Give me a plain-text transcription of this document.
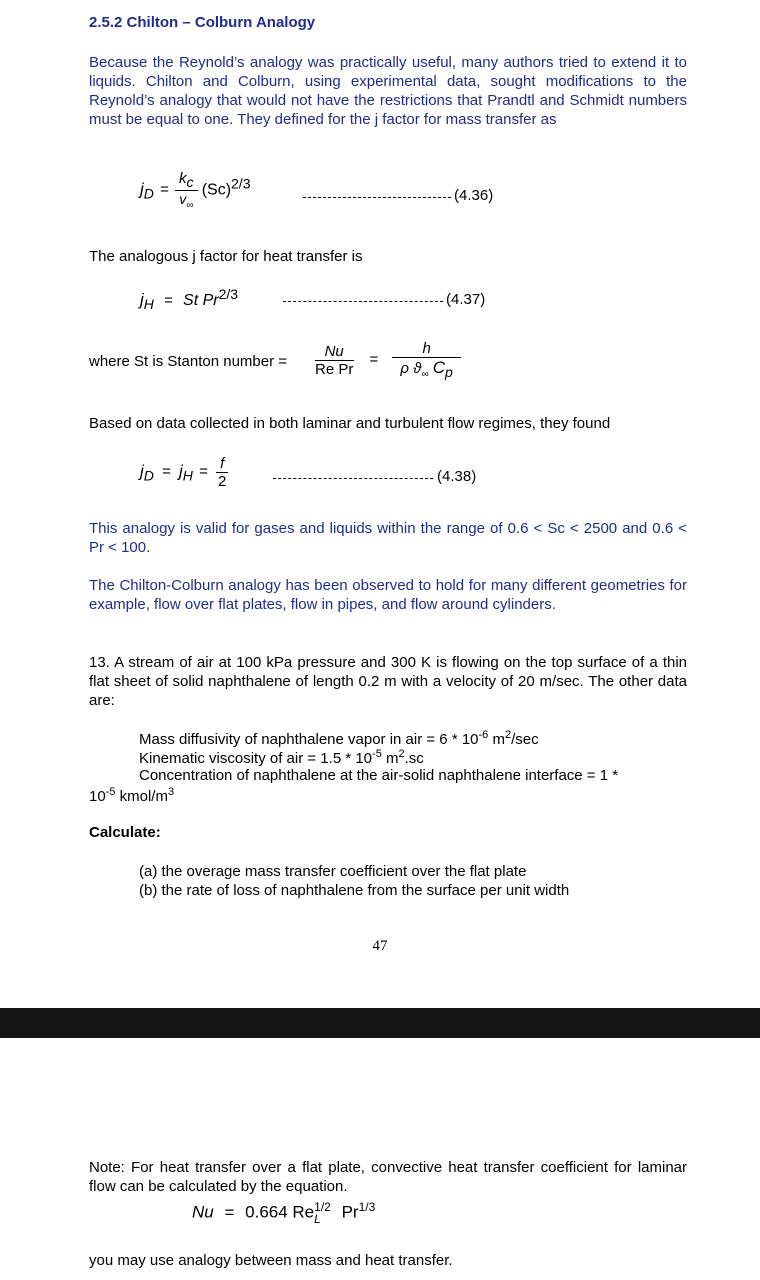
2.5.2 Chilton – Colburn Analogy
Because the Reynold’s analogy was practically useful, many authors tried to extend it to liquids. Chilton and Colburn, using experimental data, sought modifications to the Reynold’s analogy that would not have the restrictions that Prandtl and Schmidt numbers must be equal to one. They defined for the j factor for mass transfer as
$j_D = \frac{k_c}{v_\infty} (Sc)^{2/3}$
(4.36)
The analogous j factor for heat transfer is
$j_H = St$ $Pr^{2/3}$	(4.37)
where St is Stanton number = $\frac{Nu}{\text{Re Pr}} = \frac{h}{\rho ϑ_\infty C_p}$
Based on data collected in both laminar and turbulent flow regimes, they found
$j_D = j_H = \frac{f}{2}$	(4.38)
This analogy is valid for gases and liquids within the range of 0.6 < Sc < 2500 and 0.6 < Pr < 100.
The Chilton-Colburn analogy has been observed to hold for many different geometries for example, flow over flat plates, flow in pipes, and flow around cylinders.
13. A stream of air at 100 kPa pressure and 300 K is flowing on the top surface of a thin flat sheet of solid naphthalene of length 0.2 m with a velocity of 20 m/sec. The other data are:
Mass diffusivity of naphthalene vapor in air = $6 * 10^{-6}$ $m^2/\sec$
Kinematic viscosity of air = $1.5 * 10^{-5}$ $m^2.sc$
Concentration of naphthalene at the air-solid naphthalene interface = 1 *
$10^{-5}$ kmol/$m^3$
Calculate:
(a) the overage mass transfer coefficient over the flat plate
(b) the rate of loss of naphthalene from the surface per unit width
47
Note: For heat transfer over a flat plate, convective heat transfer coefficient for laminar flow can be calculated by the equation.
Nu = 0.664 Re 1/2
L	$Pr^{1/3}$
you may use analogy between mass and heat transfer.
